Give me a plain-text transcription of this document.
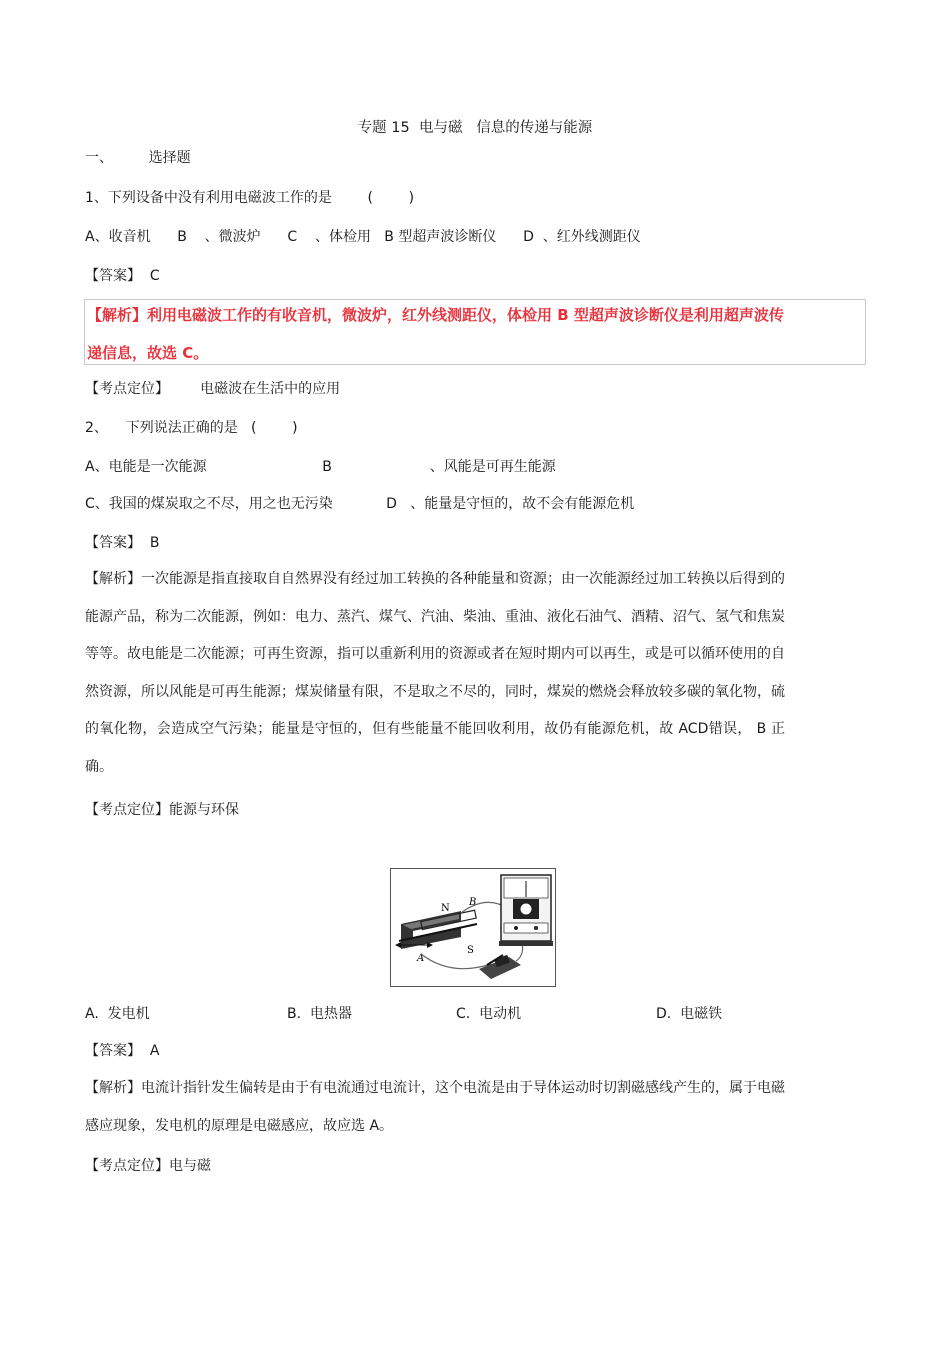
专题 15  电与磁   信息的传递与能源
一、        选择题
1、下列设备中没有利用电磁波工作的是        (        )
A、收音机      B    、微波炉      C    、体检用   B 型超声波诊断仪      D  、红外线测距仪
【答案】  C

【解析】利用电磁波工作的有收音机，微波炉，红外线测距仪，体检用 B 型超声波诊断仪是利用超声波传

递信息，故选 C。

【考点定位】       电磁波在生活中的应用
2、    下列说法正确的是   (        )
A、电能是一次能源                          B                      、风能是可再生能源
C、我国的煤炭取之不尽，用之也无污染            D   、能量是守恒的，故不会有能源危机
【答案】  B
【解析】一次能源是指直接取自自然界没有经过加工转换的各种能量和资源；由一次能源经过加工转换以后得到的能源产品，称为二次能源，例如：电力、蒸汽、煤气、汽油、柴油、重油、液化石油气、酒精、沼气、氢气和焦炭等等。故电能是二次能源；可再生资源，指可以重新利用的资源或者在短时期内可以再生，或是可以循环使用的自然资源，所以风能是可再生能源；煤炭储量有限，不是取之不尽的，同时，煤炭的燃烧会释放较多碳的氧化物，硫的氧化物，会造成空气污染；能量是守恒的，但有些能量不能回收利用，故仍有能源危机，故 ACD错误， B 正确。
【考点定位】能源与环保
N
S
A
B
A.  发电机	B.  电热器	C.  电动机	D.  电磁铁
【答案】  A
【解析】电流计指针发生偏转是由于有电流通过电流计，这个电流是由于导体运动时切割磁感线产生的，属于电磁感应现象，发电机的原理是电磁感应，故应选 A。
【考点定位】电与磁
